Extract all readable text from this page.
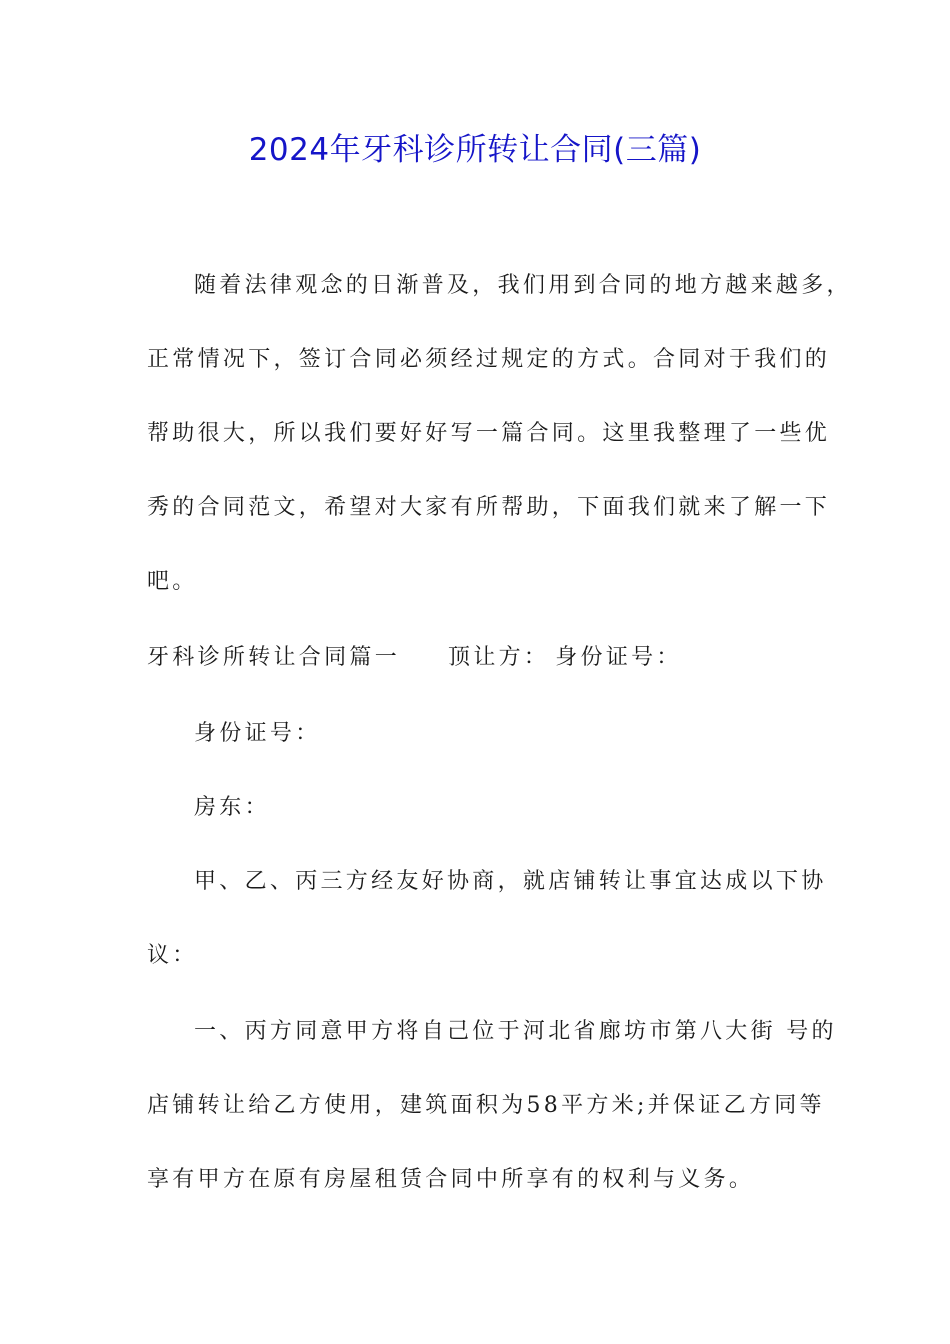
2024年牙科诊所转让合同(三篇)

随着法律观念的日渐普及，我们用到合同的地方越来越多，

正常情况下，签订合同必须经过规定的方式。合同对于我们的

帮助很大，所以我们要好好写一篇合同。这里我整理了一些优

秀的合同范文，希望对大家有所帮助，下面我们就来了解一下

吧。

牙科诊所转让合同篇一 顶让方： 身份证号：

身份证号：

房东：

甲、乙、丙三方经友好协商，就店铺转让事宜达成以下协

议：

一、丙方同意甲方将自己位于河北省廊坊市第八大街 号的

店铺转让给乙方使用，建筑面积为58平方米;并保证乙方同等

享有甲方在原有房屋租赁合同中所享有的权利与义务。
